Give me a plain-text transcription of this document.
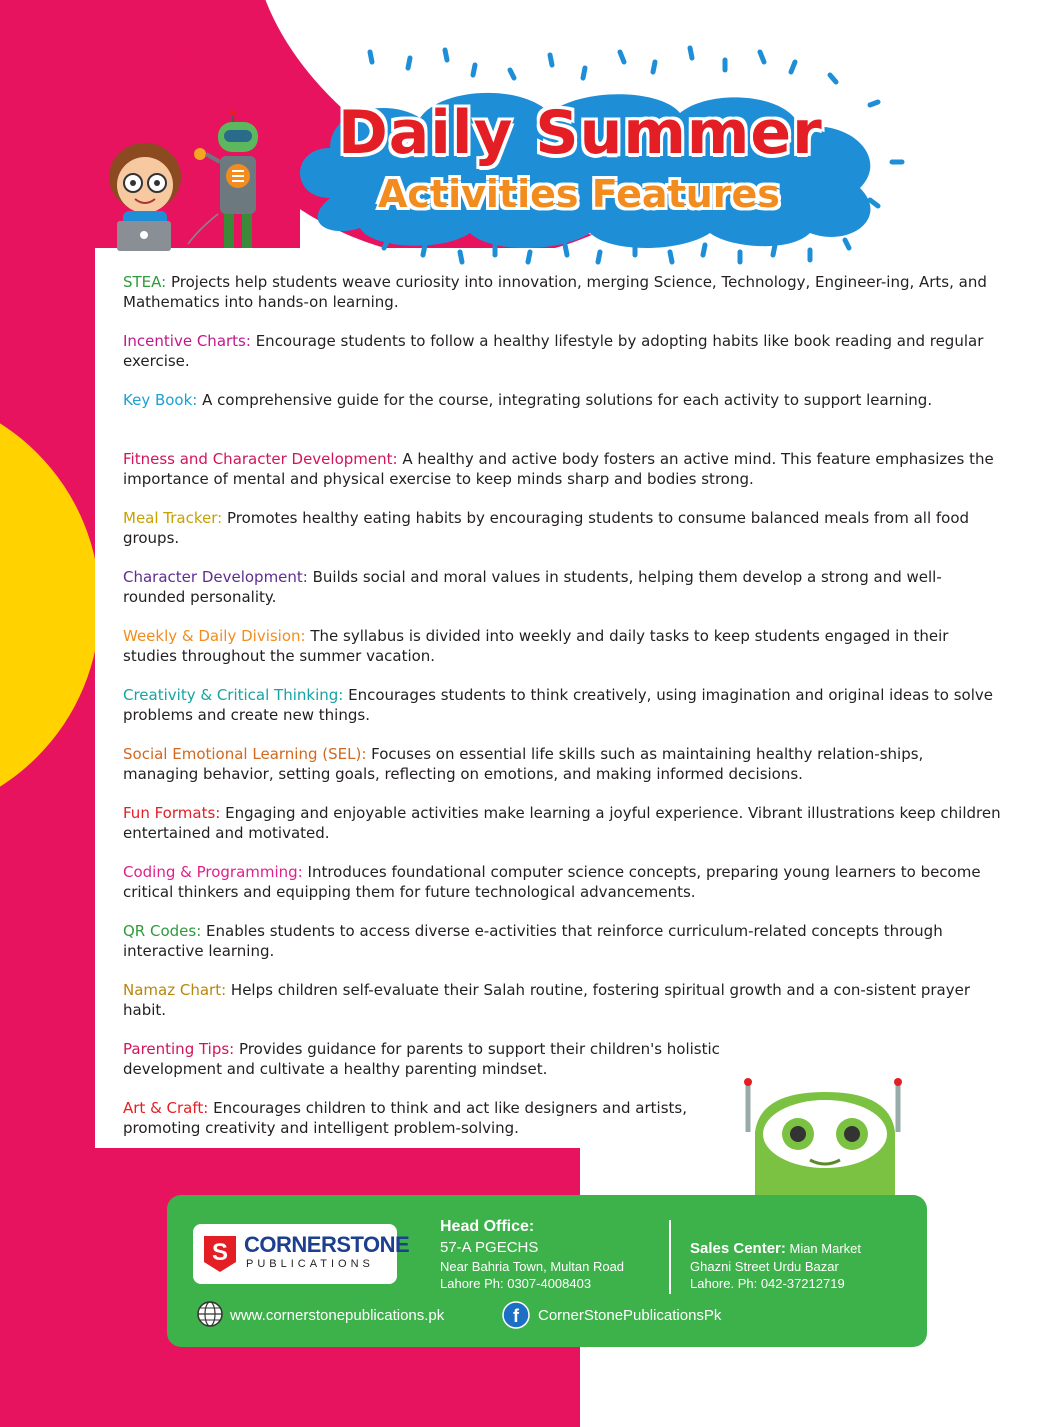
Daily Summer
Activities Features
STEA: Projects help students weave curiosity into innovation, merging Science, Technology, Engineer-ing, Arts, and Mathematics into hands-on learning.
Incentive Charts: Encourage students to follow a healthy lifestyle by adopting habits like book reading and regular exercise.
Key Book: A comprehensive guide for the course, integrating solutions for each activity to support learning.
Fitness and Character Development: A healthy and active body fosters an active mind. This feature emphasizes the importance of mental and physical exercise to keep minds sharp and bodies strong.
Meal Tracker: Promotes healthy eating habits by encouraging students to consume balanced meals from all food groups.
Character Development: Builds social and moral values in students, helping them develop a strong and well-rounded personality.
Weekly & Daily Division: The syllabus is divided into weekly and daily tasks to keep students engaged in their studies throughout the summer vacation.
Creativity & Critical Thinking: Encourages students to think creatively, using imagination and original ideas to solve problems and create new things.
Social Emotional Learning (SEL): Focuses on essential life skills such as maintaining healthy relation-ships, managing behavior, setting goals, reflecting on emotions, and making informed decisions.
Fun Formats: Engaging and enjoyable activities make learning a joyful experience. Vibrant illustrations keep children entertained and motivated.
Coding & Programming: Introduces foundational computer science concepts, preparing young learners to become critical thinkers and equipping them for future technological advancements.
QR Codes: Enables students to access diverse e-activities that reinforce curriculum-related concepts through interactive learning.
Namaz Chart: Helps children self-evaluate their Salah routine, fostering spiritual growth and a con-sistent prayer habit.
Parenting Tips: Provides guidance for parents to support their children's holistic development and cultivate a healthy parenting mindset.
Art & Craft: Encourages children to think and act like designers and artists, promoting creativity and intelligent problem-solving.
S CORNERSTONE
PUBLICATIONS
Head Office:
57-A PGECHS
Near Bahria Town, Multan Road
Lahore Ph: 0307-4008403
Sales Center: Mian Market
Ghazni Street Urdu Bazar
Lahore. Ph: 042-37212719
www.cornerstonepublications.pk	f CornerStonePublicationsPk
